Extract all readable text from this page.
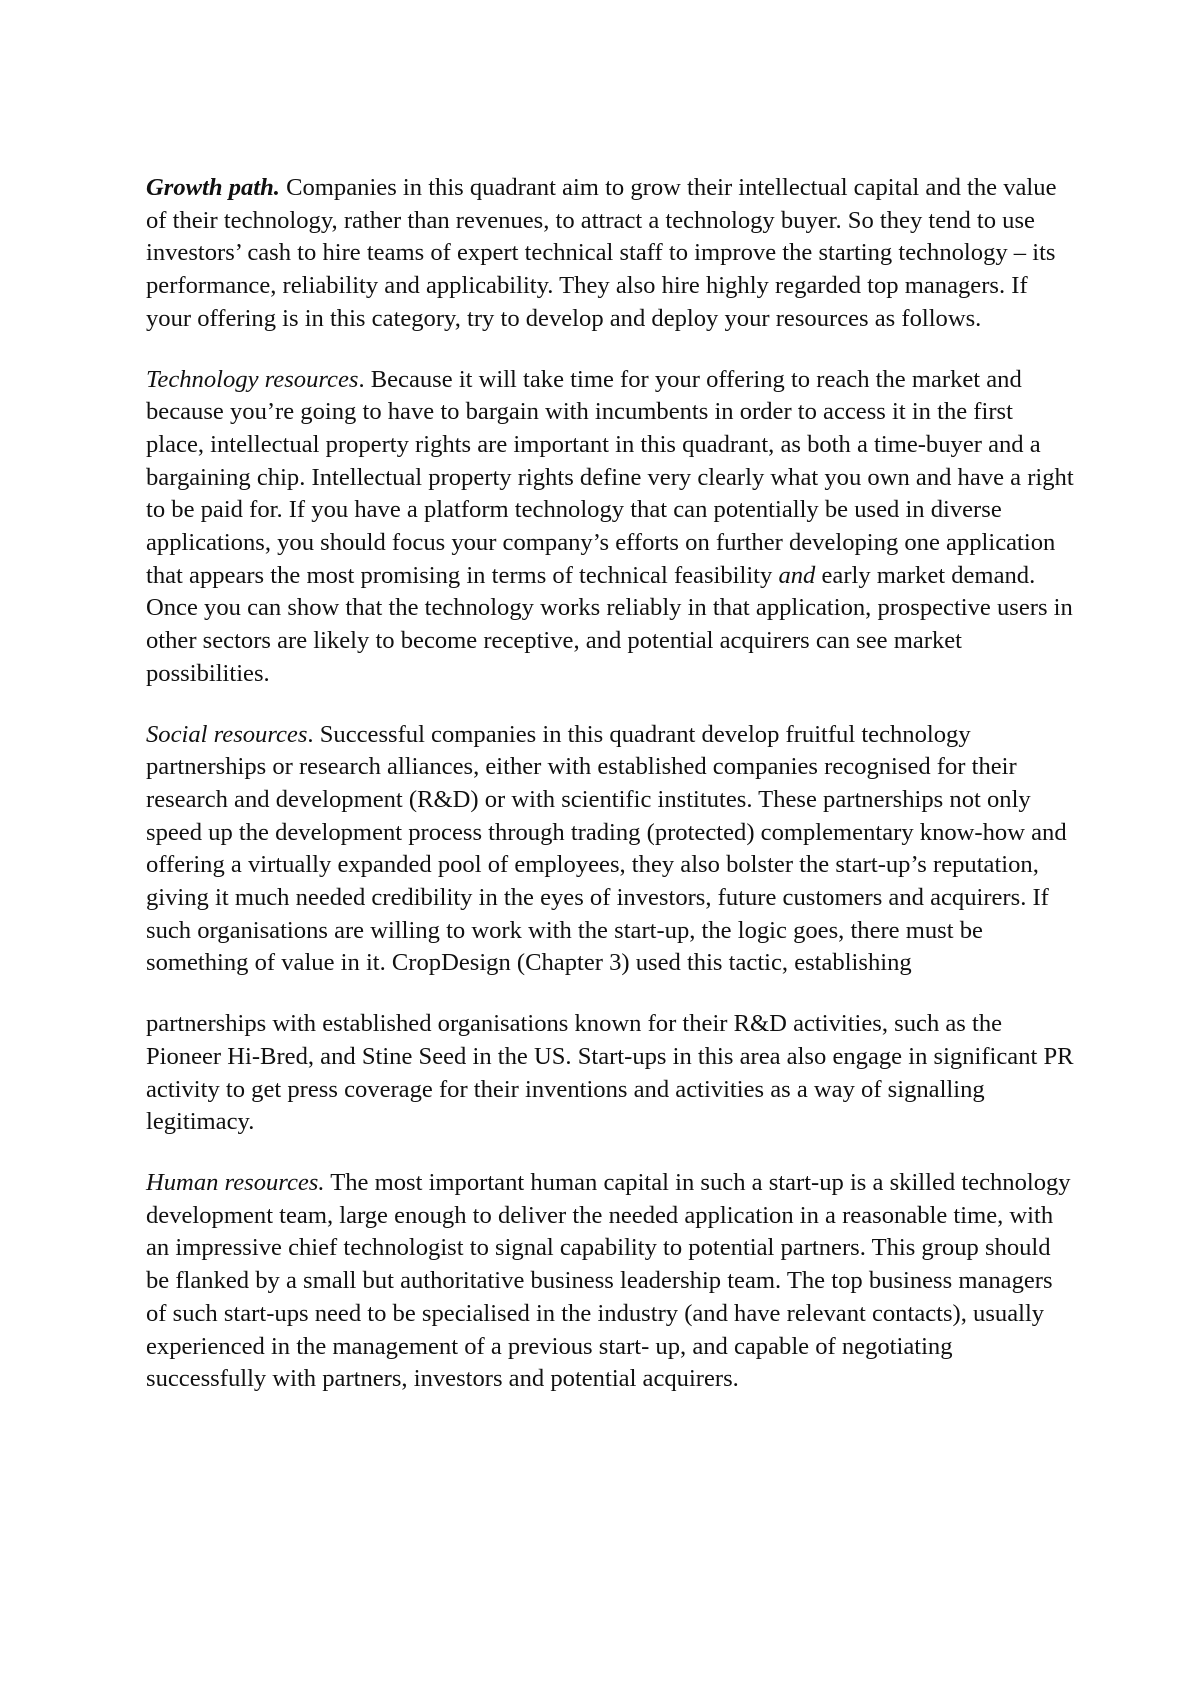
Growth path. Companies in this quadrant aim to grow their intellectual capital and the value of their technology, rather than revenues, to attract a technology buyer. So they tend to use investors’ cash to hire teams of expert technical staff to improve the starting technology – its performance, reliability and applicability. They also hire highly regarded top managers. If your offering is in this category, try to develop and deploy your resources as follows.

Technology resources. Because it will take time for your offering to reach the market and because you’re going to have to bargain with incumbents in order to access it in the first place, intellectual property rights are important in this quadrant, as both a time-buyer and a bargaining chip. Intellectual property rights define very clearly what you own and have a right to be paid for. If you have a platform technology that can potentially be used in diverse applications, you should focus your company’s efforts on further developing one application that appears the most promising in terms of technical feasibility and early market demand. Once you can show that the technology works reliably in that application, prospective users in other sectors are likely to become receptive, and potential acquirers can see market possibilities.

Social resources. Successful companies in this quadrant develop fruitful technology partnerships or research alliances, either with established companies recognised for their research and development (R&D) or with scientific institutes. These partnerships not only speed up the development process through trading (protected) complementary know-how and offering a virtually expanded pool of employees, they also bolster the start-up’s reputation, giving it much needed credibility in the eyes of investors, future customers and acquirers. If such organisations are willing to work with the start-up, the logic goes, there must be something of value in it. CropDesign (Chapter 3) used this tactic, establishing

partnerships with established organisations known for their R&D activities, such as the Pioneer Hi-Bred, and Stine Seed in the US. Start-ups in this area also engage in significant PR activity to get press coverage for their inventions and activities as a way of signalling legitimacy.

Human resources. The most important human capital in such a start-up is a skilled technology development team, large enough to deliver the needed application in a reasonable time, with an impressive chief technologist to signal capability to potential partners. This group should be flanked by a small but authoritative business leadership team. The top business managers of such start-ups need to be specialised in the industry (and have relevant contacts), usually experienced in the management of a previous start- up, and capable of negotiating successfully with partners, investors and potential acquirers.
